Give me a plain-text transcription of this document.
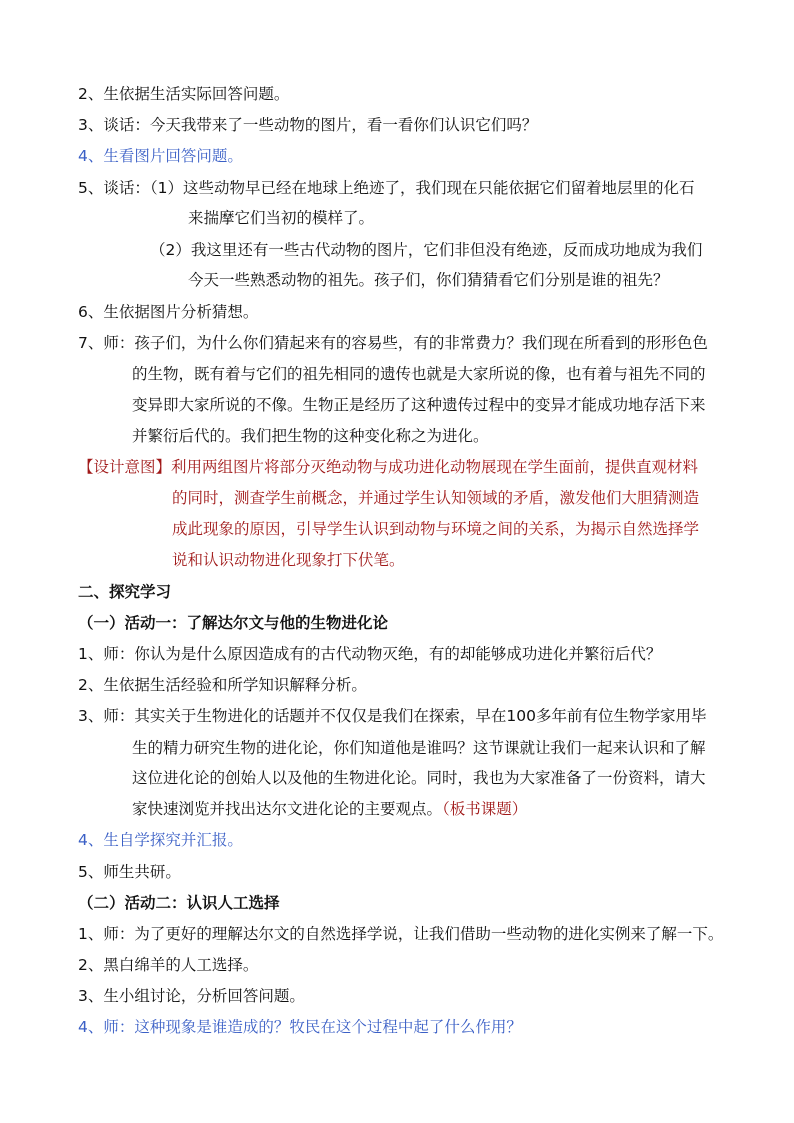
2、生依据生活实际回答问题。
3、谈话：今天我带来了一些动物的图片，看一看你们认识它们吗？
4、生看图片回答问题。
5、谈话：（1）这些动物早已经在地球上绝迹了，我们现在只能依据它们留着地层里的化石
来揣摩它们当初的模样了。
（2）我这里还有一些古代动物的图片，它们非但没有绝迹，反而成功地成为我们
今天一些熟悉动物的祖先。孩子们，你们猜猜看它们分别是谁的祖先？
6、生依据图片分析猜想。
7、师：孩子们，为什么你们猜起来有的容易些，有的非常费力？我们现在所看到的形形色色
的生物，既有着与它们的祖先相同的遗传也就是大家所说的像，也有着与祖先不同的
变异即大家所说的不像。生物正是经历了这种遗传过程中的变异才能成功地存活下来
并繁衍后代的。我们把生物的这种变化称之为进化。
【设计意图】利用两组图片将部分灭绝动物与成功进化动物展现在学生面前，提供直观材料
的同时，测查学生前概念，并通过学生认知领域的矛盾，激发他们大胆猜测造
成此现象的原因，引导学生认识到动物与环境之间的关系，为揭示自然选择学
说和认识动物进化现象打下伏笔。
二、探究学习
（一）活动一：了解达尔文与他的生物进化论
1、师：你认为是什么原因造成有的古代动物灭绝，有的却能够成功进化并繁衍后代？
2、生依据生活经验和所学知识解释分析。
3、师：其实关于生物进化的话题并不仅仅是我们在探索，早在100多年前有位生物学家用毕
生的精力研究生物的进化论，你们知道他是谁吗？这节课就让我们一起来认识和了解
这位进化论的创始人以及他的生物进化论。同时，我也为大家准备了一份资料，请大
家快速浏览并找出达尔文进化论的主要观点。（板书课题）
4、生自学探究并汇报。
5、师生共研。
（二）活动二：认识人工选择
1、师：为了更好的理解达尔文的自然选择学说，让我们借助一些动物的进化实例来了解一下。
2、黑白绵羊的人工选择。
3、生小组讨论，分析回答问题。
4、师：这种现象是谁造成的？牧民在这个过程中起了什么作用？
